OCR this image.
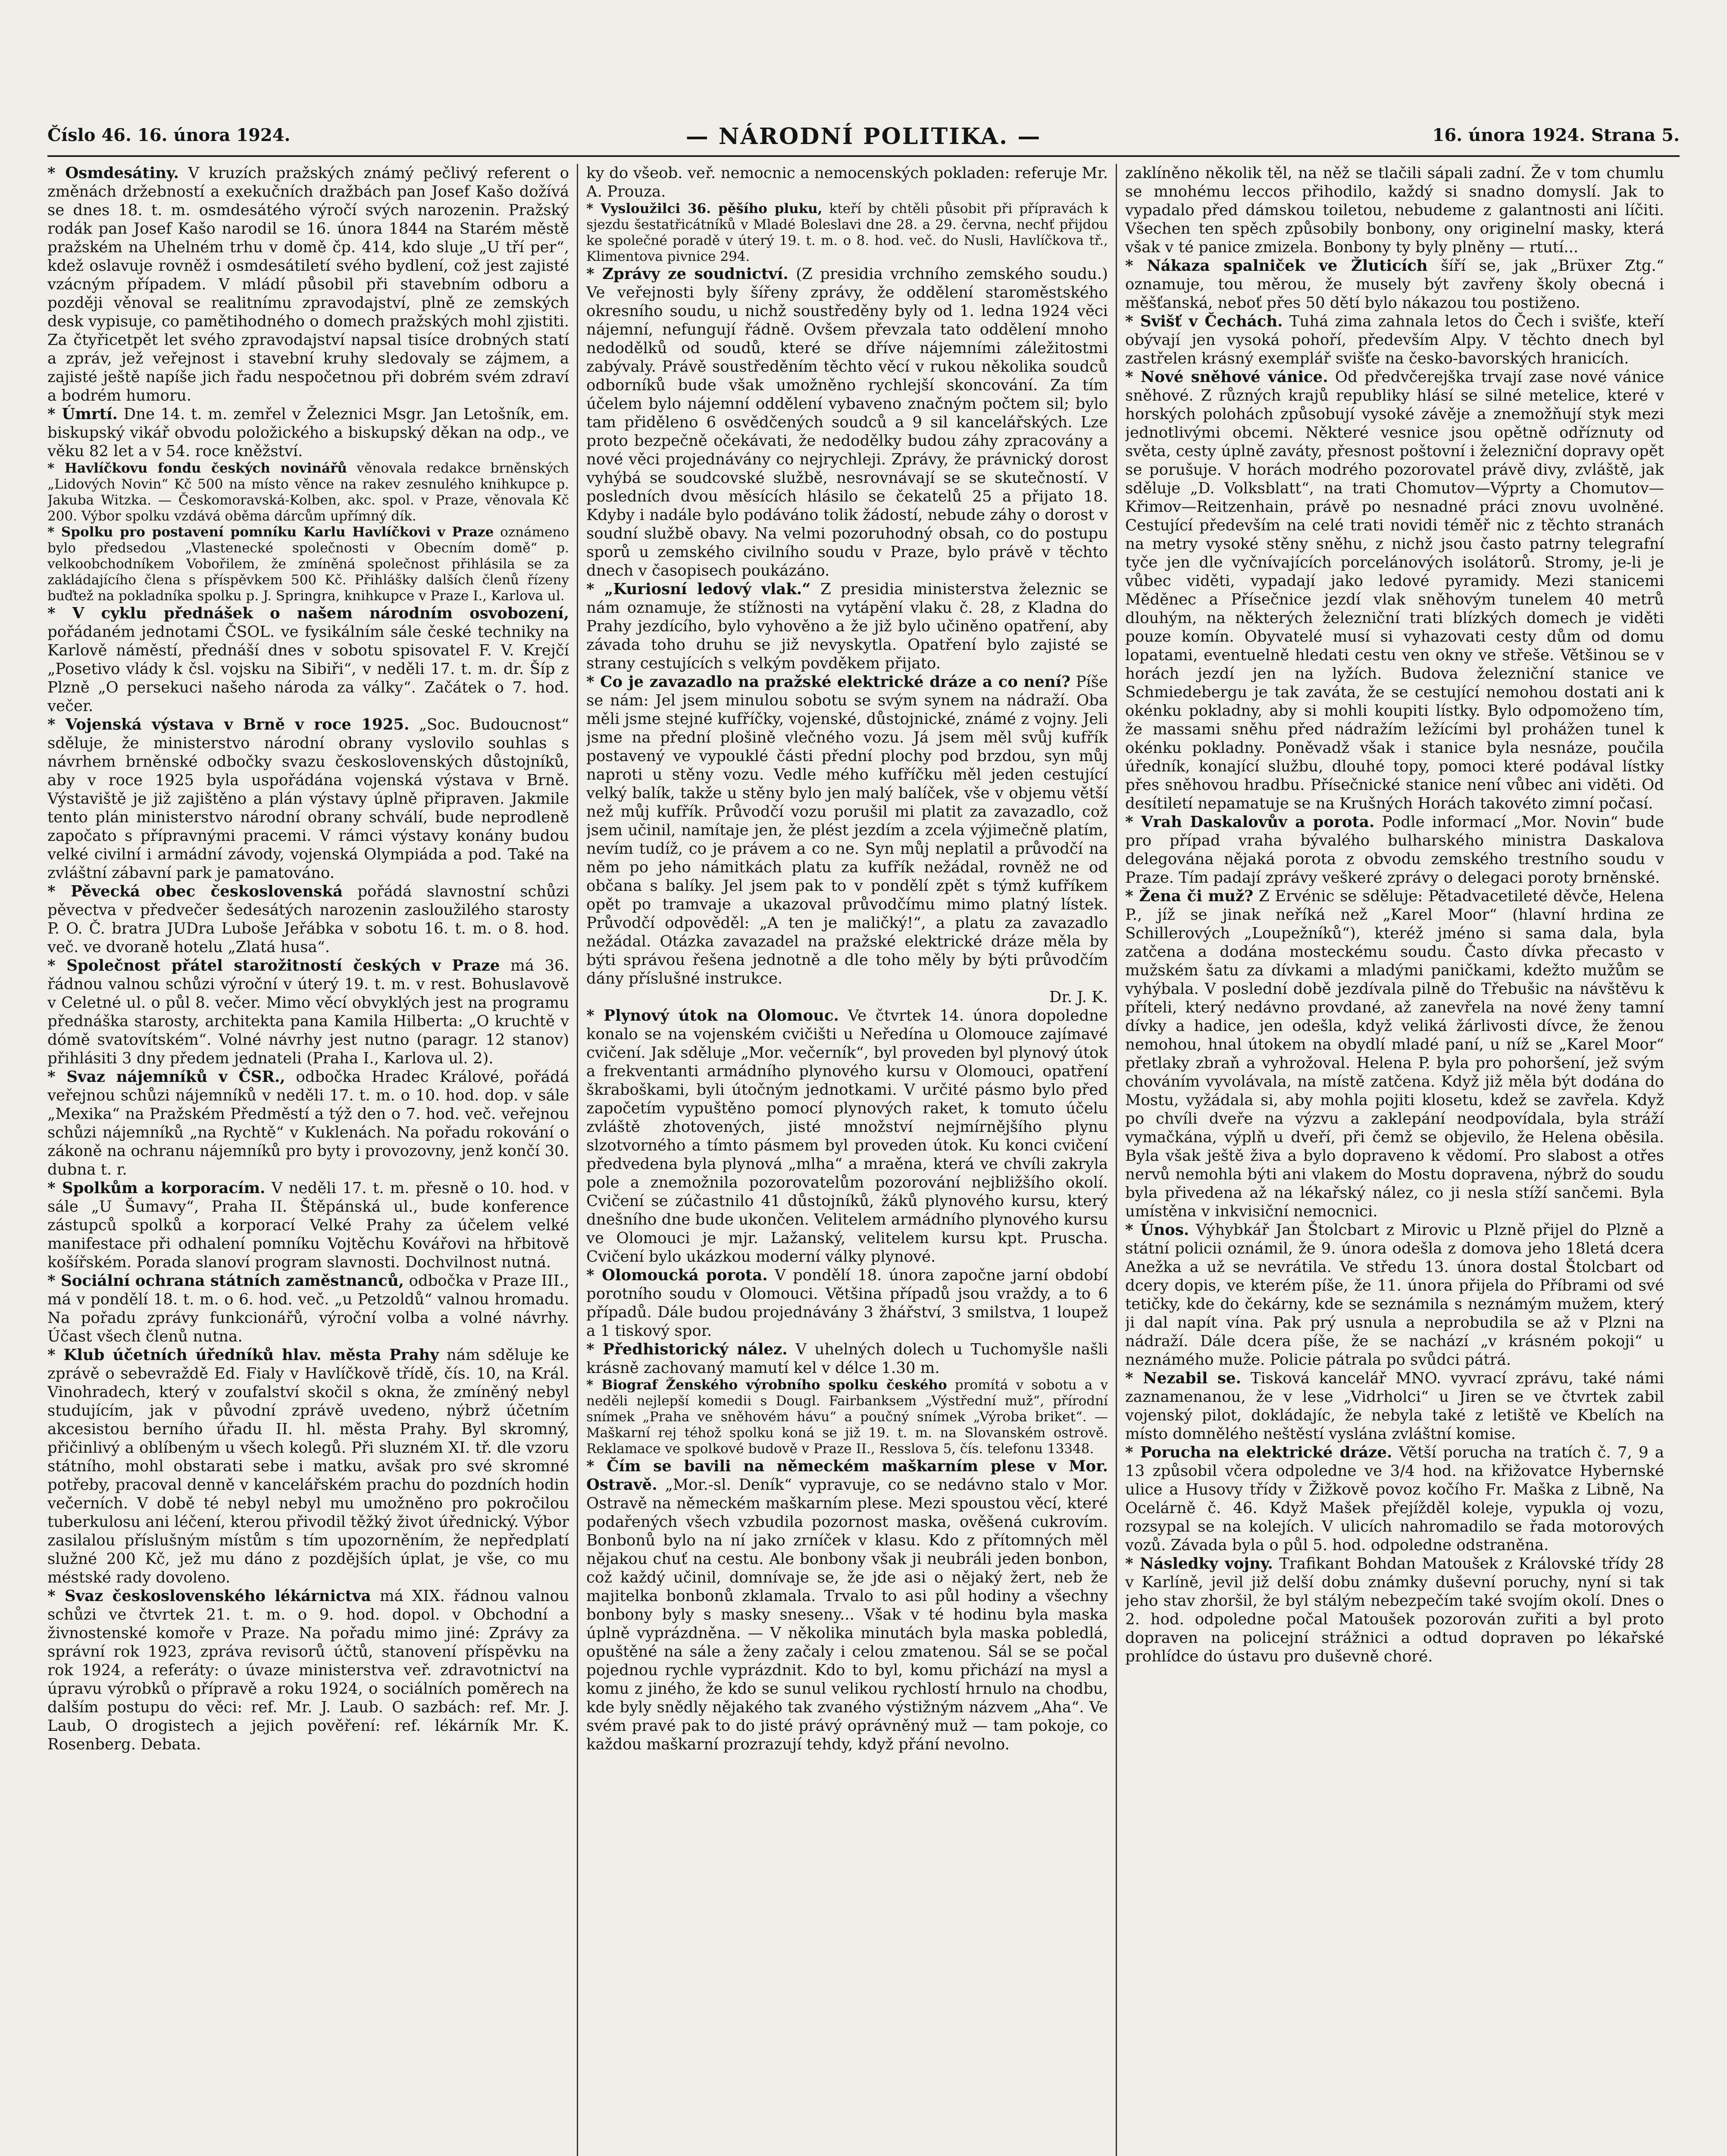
Číslo 46. 16. února 1924.	— NÁRODNÍ POLITIKA. —	16. února 1924. Strana 5.

* Osmdesátiny. V kruzích pražských známý pečlivý referent o změnách držebností a exekučních dražbách pan Josef Kašo dožívá se dnes 18. t. m. osmdesátého výročí svých narozenin. Pražský rodák pan Josef Kašo narodil se 16. února 1844 na Starém městě pražském na Uhelném trhu v domě čp. 414, kdo sluje „U tří per“, kdež oslavuje rovněž i osmdesátiletí svého bydlení, což jest zajisté vzácným případem. V mládí působil při stavebním odboru a později věnoval se realitnímu zpravodajství, plně ze zemských desk vypisuje, co pamětihodného o domech pražských mohl zjistiti. Za čtyřicetpět let svého zpravodajství napsal tisíce drobných statí a zpráv, jež veřejnost i stavební kruhy sledovaly se zájmem, a zajisté ještě napíše jich řadu nespočetnou při dobrém svém zdraví a bodrém humoru.

* Úmrtí. Dne 14. t. m. zemřel v Železnici Msgr. Jan Letošník, em. biskupský vikář obvodu položického a biskupský děkan na odp., ve věku 82 let a v 54. roce kněžství.

* Havlíčkovu fondu českých novinářů věnovala redakce brněnských „Lidových Novin“ Kč 500 na místo věnce na rakev zesnulého knihkupce p. Jakuba Witzka. — Českomoravská-Kolben, akc. spol. v Praze, věnovala Kč 200. Výbor spolku vzdává oběma dárcům upřímný dík.

* Spolku pro postavení pomníku Karlu Havlíčkovi v Praze oznámeno bylo předsedou „Vlastenecké společnosti v Obecním domě“ p. velkoobchodníkem Vobořilem, že zmíněná společnost přihlásila se za zakládajícího člena s příspěvkem 500 Kč. Přihlášky dalších členů řízeny buďtež na pokladníka spolku p. J. Springra, knihkupce v Praze I., Karlova ul.

* V cyklu přednášek o našem národním osvobození, pořádaném jednotami ČSOL. ve fysikálním sále české techniky na Karlově náměstí, přednáší dnes v sobotu spisovatel F. V. Krejčí „Posetivo vlády k čsl. vojsku na Sibiři“, v neděli 17. t. m. dr. Šíp z Plzně „O persekuci našeho národa za války“. Začátek o 7. hod. večer.

* Vojenská výstava v Brně v roce 1925. „Soc. Budoucnost“ sděluje, že ministerstvo národní obrany vyslovilo souhlas s návrhem brněnské odbočky svazu československých důstojníků, aby v roce 1925 byla uspořádána vojenská výstava v Brně. Výstaviště je již zajištěno a plán výstavy úplně připraven. Jakmile tento plán ministerstvo národní obrany schválí, bude neprodleně započato s přípravnými pracemi. V rámci výstavy konány budou velké civilní i armádní závody, vojenská Olympiáda a pod. Také na zvláštní zábavní park je pamatováno.

* Pěvecká obec československá pořádá slavnostní schůzi pěvectva v předvečer šedesátých narozenin zasloužilého starosty P. O. Č. bratra JUDra Luboše Jeřábka v sobotu 16. t. m. o 8. hod. več. ve dvoraně hotelu „Zlatá husa“.

* Společnost přátel starožitností českých v Praze má 36. řádnou valnou schůzi výroční v úterý 19. t. m. v rest. Bohuslavově v Celetné ul. o půl 8. večer. Mimo věcí obvyklých jest na programu přednáška starosty, architekta pana Kamila Hilberta: „O kruchtě v dómě svatovítském“. Volné návrhy jest nutno (paragr. 12 stanov) přihlásiti 3 dny předem jednateli (Praha I., Karlova ul. 2).

* Svaz nájemníků v ČSR., odbočka Hradec Králové, pořádá veřejnou schůzi nájemníků v neděli 17. t. m. o 10. hod. dop. v sále „Mexika“ na Pražském Předměstí a týž den o 7. hod. več. veřejnou schůzi nájemníků „na Rychtě“ v Kuklenách. Na pořadu rokování o zákoně na ochranu nájemníků pro byty i provozovny, jenž končí 30. dubna t. r.

* Spolkům a korporacím. V neděli 17. t. m. přesně o 10. hod. v sále „U Šumavy“, Praha II. Štěpánská ul., bude konference zástupců spolků a korporací Velké Prahy za účelem velké manifestace při odhalení pomníku Vojtěchu Kovářovi na hřbitově košířském. Porada slanoví program slavnosti. Dochvilnost nutná.

* Sociální ochrana státních zaměstnanců, odbočka v Praze III., má v pondělí 18. t. m. o 6. hod. več. „u Petzoldů“ valnou hromadu. Na pořadu zprávy funkcionářů, výroční volba a volné návrhy. Účast všech členů nutna.

* Klub účetních úředníků hlav. města Prahy nám sděluje ke zprávě o sebevraždě Ed. Fialy v Havlíčkově třídě, čís. 10, na Král. Vinohradech, který v zoufalství skočil s okna, že zmíněný nebyl studujícím, jak v původní zprávě uvedeno, nýbrž účetním akcesistou berního úřadu II. hl. města Prahy. Byl skromný, přičinlivý a oblíbeným u všech kolegů. Při sluzném XI. tř. dle vzoru státního, mohl obstarati sebe i matku, avšak pro své skromné potřeby, pracoval denně v kancelářském prachu do pozdních hodin večerních. V době té nebyl nebyl mu umožněno pro pokročilou tuberkulosu ani léčení, kterou přivodil těžký život úřednický. Výbor zasilalou příslušným místům s tím upozorněním, že nepředplatí služné 200 Kč, jež mu dáno z pozdějších úplat, je vše, co mu méstské rady dovoleno.

* Svaz československého lékárnictva má XIX. řádnou valnou schůzi ve čtvrtek 21. t. m. o 9. hod. dopol. v Obchodní a živnostenské komoře v Praze. Na pořadu mimo jiné: Zprávy za správní rok 1923, zpráva revisorů účtů, stanovení příspěvku na rok 1924, a referáty: o úvaze ministerstva veř. zdravotnictví na úpravu výrobků o přípravě a roku 1924, o sociálních poměrech na dalším postupu do věci: ref. Mr. J. Laub. O sazbách: ref. Mr. J. Laub, O drogistech a jejich pověření: ref. lékárník Mr. K. Rosenberg. Debata.

ky do všeob. veř. nemocnic a nemocenských pokladen: referuje Mr. A. Prouza.

* Vysloužilci 36. pěšího pluku, kteří by chtěli působit při přípravách k sjezdu šestatřicátníků v Mladé Boleslavi dne 28. a 29. června, nechť přijdou ke společné poradě v úterý 19. t. m. o 8. hod. več. do Nusli, Havlíčkova tř., Klimentova pivnice 294.

* Zprávy ze soudnictví. (Z presidia vrchního zemského soudu.) Ve veřejnosti byly šířeny zprávy, že oddělení staroměstského okresního soudu, u nichž soustředěny byly od 1. ledna 1924 věci nájemní, nefungují řádně. Ovšem převzala tato oddělení mnoho nedodělků od soudů, které se dříve nájemními záležitostmi zabývaly. Právě soustředěním těchto věcí v rukou několika soudců odborníků bude však umožněno rychlejší skoncování. Za tím účelem bylo nájemní oddělení vybaveno značným počtem sil; bylo tam přiděleno 6 osvědčených soudců a 9 sil kancelářských. Lze proto bezpečně očekávati, že nedodělky budou záhy zpracovány a nové věci projednávány co nejrychleji. Zprávy, že právnický dorost vyhýbá se soudcovské službě, nesrovnávají se se skutečností. V posledních dvou měsících hlásilo se čekatelů 25 a přijato 18. Kdyby i nadále bylo podáváno tolik žádostí, nebude záhy o dorost v soudní službě obavy. Na velmi pozoruhodný obsah, co do postupu sporů u zemského civilního soudu v Praze, bylo právě v těchto dnech v časopisech poukázáno.

* „Kuriosní ledový vlak.“ Z presidia ministerstva železnic se nám oznamuje, že stížnosti na vytápění vlaku č. 28, z Kladna do Prahy jezdícího, bylo vyhověno a že již bylo učiněno opatření, aby závada toho druhu se již nevyskytla. Opatření bylo zajisté se strany cestujících s velkým povděkem přijato.

* Co je zavazadlo na pražské elektrické dráze a co není? Píše se nám: Jel jsem minulou sobotu se svým synem na nádraží. Oba měli jsme stejné kufříčky, vojenské, důstojnické, známé z vojny. Jeli jsme na přední plošině vlečného vozu. Já jsem měl svůj kufřík postavený ve vypouklé části přední plochy pod brzdou, syn můj naproti u stěny vozu. Vedle mého kufříčku měl jeden cestující velký balík, takže u stěny bylo jen malý balíček, vše v objemu větší než můj kufřík. Průvodčí vozu porušil mi platit za zavazadlo, což jsem učinil, namítaje jen, že plést jezdím a zcela výjimečně platím, nevím tudíž, co je právem a co ne. Syn můj neplatil a průvodčí na něm po jeho námitkách platu za kufřík nežádal, rovněž ne od občana s balíky. Jel jsem pak to v pondělí zpět s týmž kufříkem opět po tramvaje a ukazoval průvodčímu mimo platný lístek. Průvodčí odpověděl: „A ten je maličký!“, a platu za zavazadlo nežádal. Otázka zavazadel na pražské elektrické dráze měla by býti správou řešena jednotně a dle toho měly by býti průvodčím dány příslušné instrukce.

Dr. J. K.

* Plynový útok na Olomouc. Ve čtvrtek 14. února dopoledne konalo se na vojenském cvičišti u Neředína u Olomouce zajímavé cvičení. Jak sděluje „Mor. večerník“, byl proveden byl plynový útok a frekventanti armádního plynového kursu v Olomouci, opatření škraboškami, byli útočným jednotkami. V určité pásmo bylo před započetím vypuštěno pomocí plynových raket, k tomuto účelu zvláště zhotovených, jisté množství nejmírnějšího plynu slzotvorného a tímto pásmem byl proveden útok. Ku konci cvičení předvedena byla plynová „mlha“ a mraěna, která ve chvíli zakryla pole a znemožnila pozorovatelům pozorování nejbližšího okolí. Cvičení se zúčastnilo 41 důstojníků, žáků plynového kursu, který dnešního dne bude ukončen. Velitelem armádního plynového kursu ve Olomouci je mjr. Lažanský, velitelem kursu kpt. Pruscha. Cvičení bylo ukázkou moderní války plynové.

* Olomoucká porota. V pondělí 18. února započne jarní období porotního soudu v Olomouci. Většina případů jsou vraždy, a to 6 případů. Dále budou projednávány 3 žhářství, 3 smilstva, 1 loupež a 1 tiskový spor.

* Předhistorický nález. V uhelných dolech u Tuchomyšle našli krásně zachovaný mamutí kel v délce 1.30 m.

* Biograf Ženského výrobního spolku českého promítá v sobotu a v neděli nejlepší komedii s Dougl. Fairbanksem „Výstřední muž“, přírodní snímek „Praha ve sněhovém hávu“ a poučný snímek „Výroba briket“. — Maškarní rej téhož spolku koná se již 19. t. m. na Slovanském ostrově. Reklamace ve spolkové budově v Praze II., Resslova 5, čís. telefonu 13348.

* Čím se bavili na německém maškarním plese v Mor. Ostravě. „Mor.-sl. Deník“ vypravuje, co se nedávno stalo v Mor. Ostravě na německém maškarním plese. Mezi spoustou věcí, které podařených všech vzbudila pozornost maska, ověšená cukrovím. Bonbonů bylo na ní jako zrníček v klasu. Kdo z přítomných měl nějakou chuť na cestu. Ale bonbony však ji neubráli jeden bonbon, což každý učinil, domnívaje se, že jde asi o nějaký žert, neb že majitelka bonbonů zklamala. Trvalo to asi půl hodiny a všechny bonbony byly s masky sneseny... Však v té hodinu byla maska úplně vyprázdněna. — V několika minutách byla maska pobledlá, opuštěné na sále a ženy začaly i celou zmatenou. Sál se se počal pojednou rychle vyprázdnit. Kdo to byl, komu přichází na mysl a komu z jiného, že kdo se sunul velikou rychlostí hrnulo na chodbu, kde byly snědly nějakého tak zvaného výstižným názvem „Aha“. Ve svém pravé pak to do jisté právý oprávněný muž — tam pokoje, co každou maškarní prozrazují tehdy, když přání nevolno.

zaklíněno několik těl, na něž se tlačili sápali zadní. Že v tom chumlu se mnohému leccos přihodilo, každý si snadno domyslí. Jak to vypadalo před dámskou toiletou, nebudeme z galantnosti ani líčiti. Všechen ten spěch způsobily bonbony, ony originelní masky, která však v té panice zmizela. Bonbony ty byly plněny — rtutí...

* Nákaza spalniček ve Žluticích šíří se, jak „Brüxer Ztg.“ oznamuje, tou měrou, že musely být zavřeny školy obecná i měšťanská, neboť přes 50 dětí bylo nákazou tou postiženo.

* Svišť v Čechách. Tuhá zima zahnala letos do Čech i svišťe, kteří obývají jen vysoká pohoří, především Alpy. V těchto dnech byl zastřelen krásný exemplář svišťe na česko-bavorských hranicích.

* Nové sněhové vánice. Od předvčerejška trvají zase nové vánice sněhové. Z různých krajů republiky hlásí se silné metelice, které v horských polohách způsobují vysoké závěje a znemožňují styk mezi jednotlivými obcemi. Některé vesnice jsou opětně odříznuty od světa, cesty úplně zaváty, přesnost poštovní i železniční dopravy opět se porušuje. V horách modrého pozorovatel právě divy, zvláště, jak sděluje „D. Volksblatt“, na trati Chomutov—Výprty a Chomutov—Křimov—Reitzenhain, právě po nesnadné práci znovu uvolněné. Cestující především na celé trati novidi téměř nic z těchto stranách na metry vysoké stěny sněhu, z nichž jsou často patrny telegrafní tyče jen dle vyčnívajících porcelánových isolátorů. Stromy, je-li je vůbec viděti, vypadají jako ledové pyramidy. Mezi stanicemi Měděnec a Přísečnice jezdí vlak sněhovým tunelem 40 metrů dlouhým, na některých železniční trati blízkých domech je viděti pouze komín. Obyvatelé musí si vyhazovati cesty dům od domu lopatami, eventuelně hledati cestu ven okny ve střeše. Většinou se v horách jezdí jen na lyžích. Budova železniční stanice ve Schmiedebergu je tak zaváta, že se cestující nemohou dostati ani k okénku pokladny, aby si mohli koupiti lístky. Bylo odpomoženo tím, že massami sněhu před nádražím ležícími byl prohážen tunel k okénku pokladny. Poněvadž však i stanice byla nesnáze, poučila úředník, konající službu, dlouhé topy, pomoci které podával lístky přes sněhovou hradbu. Přísečnické stanice není vůbec ani viděti. Od desítiletí nepamatuje se na Krušných Horách takovéto zimní počasí.

* Vrah Daskalovův a porota. Podle informací „Mor. Novin“ bude pro případ vraha bývalého bulharského ministra Daskalova delegována nějaká porota z obvodu zemského trestního soudu v Praze. Tím padají zprávy veškeré zprávy o delegaci poroty brněnské.

* Žena či muž? Z Ervénic se sděluje: Pětadvacetileté děvče, Helena P., jíž se jinak neříká než „Karel Moor“ (hlavní hrdina ze Schillerových „Loupežníků“), kteréž jméno si sama dala, byla zatčena a dodána mosteckému soudu. Často dívka přecasto v mužském šatu za dívkami a mladými paničkami, kdežto mužům se vyhýbala. V poslední době jezdívala pilně do Třebušic na návštěvu k příteli, který nedávno provdané, až zanevřela na nové ženy tamní dívky a hadice, jen odešla, když veliká žárlivosti dívce, že ženou nemohou, hnal útokem na obydlí mladé paní, u níž se „Karel Moor“ přetlaky zbraň a vyhrožoval. Helena P. byla pro pohoršení, jež svým chováním vyvolávala, na místě zatčena. Když již měla být dodána do Mostu, vyžádala si, aby mohla pojiti klosetu, kdež se zavřela. Když po chvíli dveře na výzvu a zaklepání neodpovídala, byla stráží vymačkána, výplň u dveří, při čemž se objevilo, že Helena oběsila. Byla však ještě živa a bylo dopraveno k vědomí. Pro slabost a otřes nervů nemohla býti ani vlakem do Mostu dopravena, nýbrž do soudu byla přivedena až na lékařský nález, co ji nesla stíží sančemi. Byla umístěna v inkvisiční nemocnici.

* Únos. Výhybkář Jan Štolcbart z Mirovic u Plzně přijel do Plzně a státní policii oznámil, že 9. února odešla z domova jeho 18letá dcera Anežka a už se nevrátila. Ve středu 13. února dostal Štolcbart od dcery dopis, ve kterém píše, že 11. února přijela do Příbrami od své tetičky, kde do čekárny, kde se seznámila s neznámým mužem, který ji dal napít vína. Pak prý usnula a neprobudila se až v Plzni na nádraží. Dále dcera píše, že se nachází „v krásném pokoji“ u neznámého muže. Policie pátrala po svůdci pátrá.

* Nezabil se. Tisková kancelář MNO. vyvrací zprávu, také námi zaznamenanou, že v lese „Vidrholci“ u Jiren se ve čtvrtek zabil vojenský pilot, dokládajíc, že nebyla také z letiště ve Kbelích na místo domnělého neštěstí vyslána zvláštní komise.

* Porucha na elektrické dráze. Větší porucha na tratích č. 7, 9 a 13 způsobil včera odpoledne ve 3/4 hod. na křižovatce Hybernské ulice a Husovy třídy v Žižkově povoz kočího Fr. Maška z Libně, Na Ocelárně č. 46. Když Mašek přejížděl koleje, vypukla oj vozu, rozsypal se na kolejích. V ulicích nahromadilo se řada motorových vozů. Závada byla o půl 5. hod. odpoledne odstraněna.

* Následky vojny. Trafikant Bohdan Matoušek z Královské třídy 28 v Karlíně, jevil již delší dobu známky duševní poruchy, nyní si tak jeho stav zhoršil, že byl stálým nebezpečím také svojím okolí. Dnes o 2. hod. odpoledne počal Matoušek pozorován zuřiti a byl proto dopraven na policejní strážnici a odtud dopraven po lékařské prohlídce do ústavu pro duševně choré.
